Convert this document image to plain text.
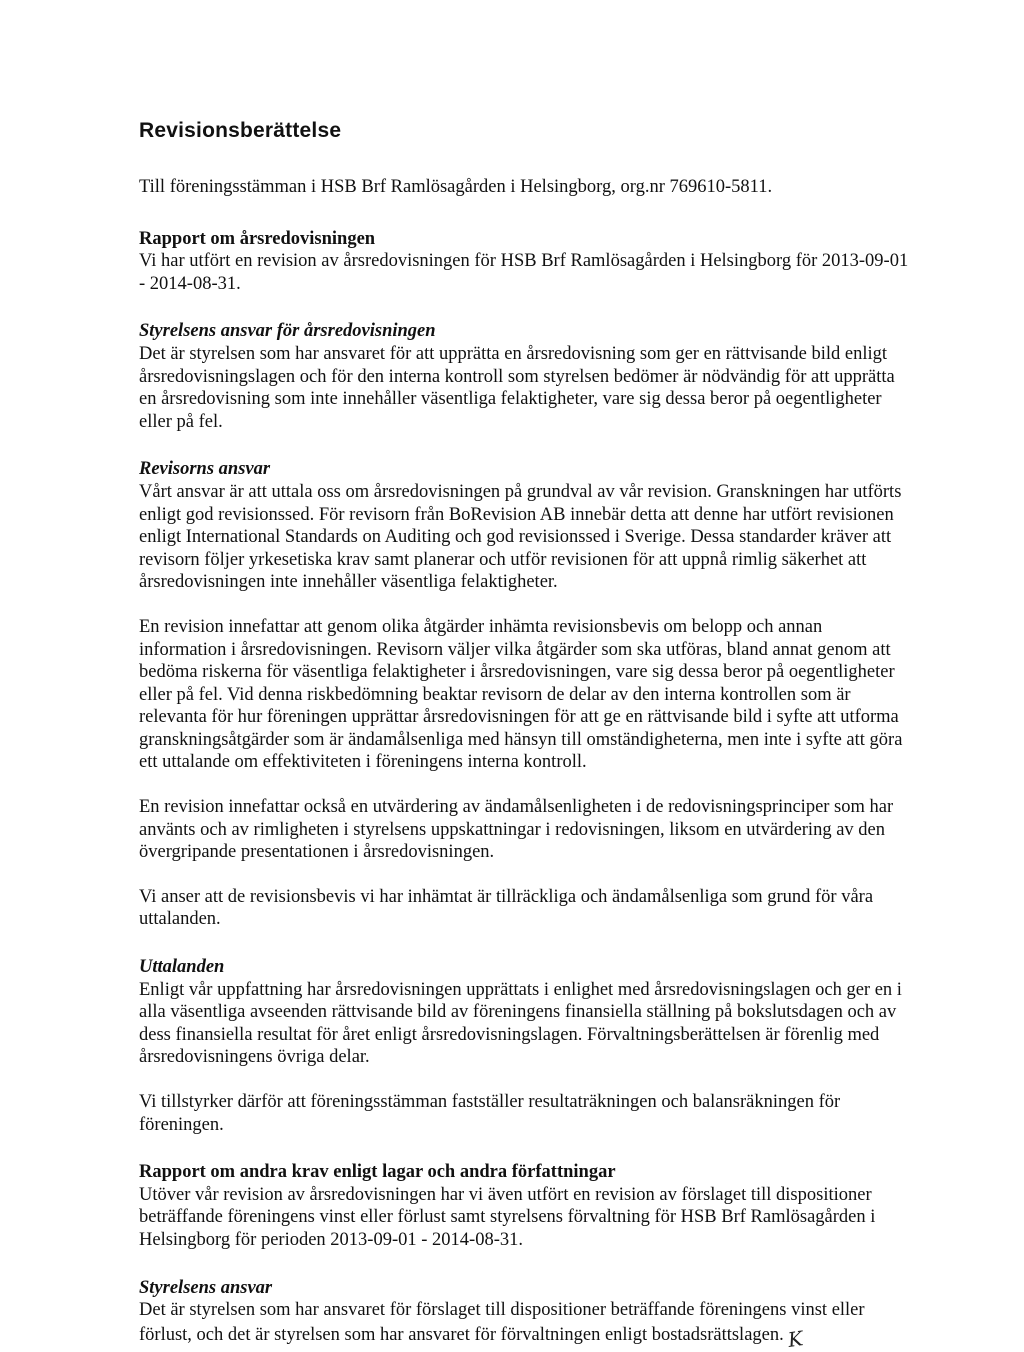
Revisionsberättelse

Till föreningsstämman i HSB Brf Ramlösagården i Helsingborg, org.nr 769610-5811.

Rapport om årsredovisningen

Vi har utfört en revision av årsredovisningen för HSB Brf Ramlösagården i Helsingborg för 2013-09-01 - 2014-08-31.

Styrelsens ansvar för årsredovisningen

Det är styrelsen som har ansvaret för att upprätta en årsredovisning som ger en rättvisande bild enligt årsredovisningslagen och för den interna kontroll som styrelsen bedömer är nödvändig för att upprätta en årsredovisning som inte innehåller väsentliga felaktigheter, vare sig dessa beror på oegentligheter eller på fel.

Revisorns ansvar

Vårt ansvar är att uttala oss om årsredovisningen på grundval av vår revision. Granskningen har utförts enligt god revisionssed. För revisorn från BoRevision AB innebär detta att denne har utfört revisionen enligt International Standards on Auditing och god revisionssed i Sverige. Dessa standarder kräver att revisorn följer yrkesetiska krav samt planerar och utför revisionen för att uppnå rimlig säkerhet att årsredovisningen inte innehåller väsentliga felaktigheter.

En revision innefattar att genom olika åtgärder inhämta revisionsbevis om belopp och annan information i årsredovisningen. Revisorn väljer vilka åtgärder som ska utföras, bland annat genom att bedöma riskerna för väsentliga felaktigheter i årsredovisningen, vare sig dessa beror på oegentligheter eller på fel. Vid denna riskbedömning beaktar revisorn de delar av den interna kontrollen som är relevanta för hur föreningen upprättar årsredovisningen för att ge en rättvisande bild i syfte att utforma granskningsåtgärder som är ändamålsenliga med hänsyn till omständigheterna, men inte i syfte att göra ett uttalande om effektiviteten i föreningens interna kontroll.

En revision innefattar också en utvärdering av ändamålsenligheten i de redovisningsprinciper som har använts och av rimligheten i styrelsens uppskattningar i redovisningen, liksom en utvärdering av den övergripande presentationen i årsredovisningen.

Vi anser att de revisionsbevis vi har inhämtat är tillräckliga och ändamålsenliga som grund för våra uttalanden.

Uttalanden

Enligt vår uppfattning har årsredovisningen upprättats i enlighet med årsredovisningslagen och ger en i alla väsentliga avseenden rättvisande bild av föreningens finansiella ställning på bokslutsdagen och av dess finansiella resultat för året enligt årsredovisningslagen. Förvaltningsberättelsen är förenlig med årsredovisningens övriga delar.

Vi tillstyrker därför att föreningsstämman fastställer resultaträkningen och balansräkningen för föreningen.

Rapport om andra krav enligt lagar och andra författningar

Utöver vår revision av årsredovisningen har vi även utfört en revision av förslaget till dispositioner beträffande föreningens vinst eller förlust samt styrelsens förvaltning för HSB Brf Ramlösagården i Helsingborg för perioden 2013-09-01 - 2014-08-31.

Styrelsens ansvar

Det är styrelsen som har ansvaret för förslaget till dispositioner beträffande föreningens vinst eller förlust, och det är styrelsen som har ansvaret för förvaltningen enligt bostadsrättslagen. K
